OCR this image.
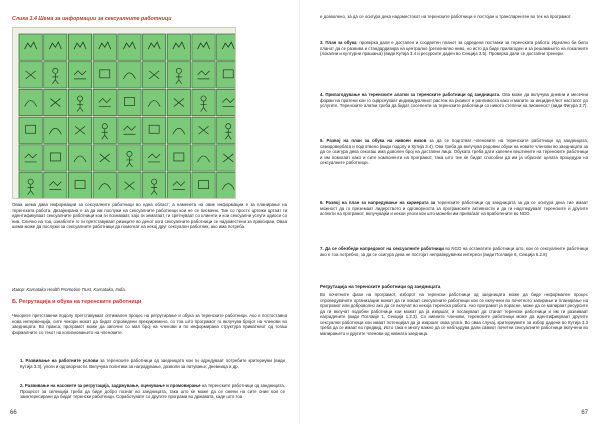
Слика 3.4 Шема за информации за сексуалните работници

Оваа шема дава информации за сексуалните работници во една област; а наменета на овие информации е за планирање на теренската работа. Дизајнирана е за да им послужи на сексуалните работници кои не се писмени. Тие со простх цртежи цртаат ги идентификуваат сексуалните работници кои ги познаваат, кајо ги зематаат, ги сретнуваат со клиенти и кои сексуални услуги одиоси со нив. Слично на тоа, ознаблоте го ги претставуваат ризиците во денот кога сексуалните работници се надоместени за праксираи. Оваа шема може да послужи за сексуалните работници да помогнат на некој друг сексуален работник, ако има потреба.

Извор: Karnataka Health Promotion Trust, Karnataka, India.
Б. Регрутација и обука на теренските работници

Чекорите претставени подолу претставуваат оптимален процес на регрутирање и обука за теренските работници. Ако е постоставна нова интервенција, сите чекори мокат да бидат спроведени прекуиременo, со тоа што програмот го вклучува бројот на членови во заедницата. Во праксa, програмот може да започне со мал број на членови и по информирана структура приватниот од тогаш формалните со текот на колизновањето на членовите.

1. Развивање на работните услови за теренските работници од заедницата кои ги одредуваат потребите критериуми (види Кутија 3.3), улоги и одговорности. Вклучува политики за наградување, дозволи за патување, дневница и др.

2. Развивање на насоките за регрутација, задржување, оценување и промовирање на теренските работници од заедницата. Процесот за селекција треба да биде добро познат во заедницата, така што ќе може да се смени на сите оние кои се заинтересирани да бидат теренски работници. Соработувате со другите програми во државата, каде што тоа

66

е дозволено, за да се осигура дека надоместокот на теренските работници е постојан и транспарентен во тек на програмот.

3. План за обука: проверка дали е достапен и соодветен планот за одредени поставки за теренската работа. Идеално би било планот да се развива и стандардизира на централно (регионално ниво, но исто да биде прилагоден и за решавањето на локалните (локални и културни прашања) (види Кутија 3.4 и ресурсите даден во Секција 3.5). Проверка дали се достапни тренери.

4. Прилагодување на теренските алатки за теренските работници од заедницата. Ова може да вклучува дневни и месечни форми на пратени кои го оцврснуваат индивидуалниот растеж на ризикот и ранливостa како и мапите за инцидент/вот настапот до услугите. Теренските алатки треба да бидат сосепенти за теренските работници со нивото степени на писменост (види Фигура 3.7).

5. Развој на план за обука на нивоен низов за да се подготват членовите на теренските работници од заедницата, самодовербата и подготвено (види подолу и Кутија 3.4). Ова треба да вклучува редовни обуки на новите членови во заедницата за да се осигура дека секогаш има доволен број на достапни лица. Обуката треба дати хапенен вештините на теренските работници и им помогаат како и сите компоненти на програмот, така што тие ќе бидат способни да им ја објаснат целата процедура на сексуалните работници.

6. Развој на план за напредување на кариерата за теренските работници од заедницата за да се осигура дека тие имаат можност да го преземаат лидерството и одговорноста за програмските активности и да ги надгледуваат теренските и другите аспекти на програмот, вклучувајќи и некои улоги кои што можеби им припаѓаат на вработените во NGO.

7. Да се обезбеди напредокот на сексуалните работници во NGO на останатите работници што, кои се сексуалните работници ако е тоа потребно, за да се осигура дека не постојат неправедувачки интереси (види Поглавје 6, Секција 6.2.8)

Регрутација на теренските работници од заедницата

Во почетните фази на програмот, изборот на теренски работници од заедницата може да биде неформален процес спроведувачите организации можат да ги покаат сексуалните работници кои се вклучени во почетното запирање и планирањe на програмот или доброволно ако да се вклучат во некоја теренска работа. Ако програмот ја порасне, може да се мапираат ресурсите да ги вклучат подобни работници кои можат да ја извршат, и посакуваат да станат теренски работници и им ги развиваат наградените (види Поглавје 1, Секција 1.2.3). Со нивните членови, теренските работници може да идентификуваат другите сексуални работници кои имаат потенцијал да ја извршат оваа улога. Во оваа случај, критериумите за избор дадени во Кутија 3.3 треба да се имаат во предвид. Исто така е многу важно да се набљудува дали самиот почетни сексуалните работници вклучени во мапирањето и другите членови од нивната заедница.

67
